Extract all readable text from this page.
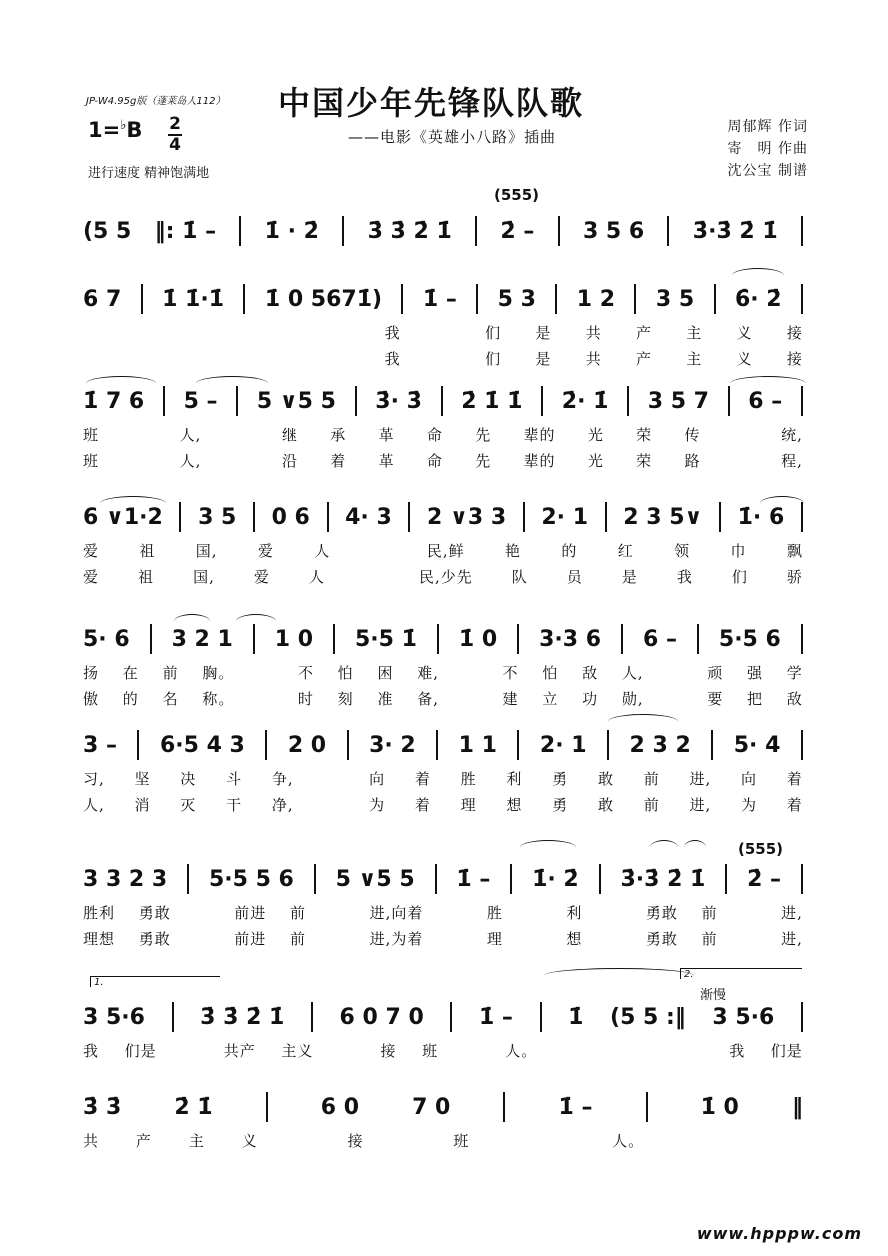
JP-W4.95g版（蓬莱岛人112） 中国少年先锋队队歌
——电影《英雄小八路》插曲
1=♭B 2
4
进行速度 精神饱满地
周郁辉 作词
寄　明 作曲
沈公宝 制谱
(5 5 ‖: 1̇ – 1̇ · 2̇ 3̇ 3̇ 2̇ 1̇ 2̇ – 3 5 6 3̇·3̇ 2̇ 1̇
6 7 1̇ 1̇·1̇ 1̇ 0 5671̇) 1̇ – 5 3 1 2 3 5 6̇· 2̇
我	们 是 共 产 主 义 接
我	们 是 共 产 主 义 接
1̇ 7 6 5 – 5 ∨5 5 3̇· 3̇ 2̇ 1̇ 1̇ 2̇· 1̇ 3 5 7 6 –
班	人,	继 承 革 命 先 辈的 光 荣 传	统,
班	人,	沿 着 革 命 先 辈的 光 荣 路	程,
6 ∨1·2 3 5 0 6 4· 3 2 ∨3 3 2· 1 2 3 5∨ 1̇· 6
爱	祖	国,	爱	人	民,鲜	艳	的	红	领	巾	飘
爱	祖	国,	爱	人	民,少先	队	员	是	我	们	骄
5· 6 3 2 1 1 0 5·5 1̇ 1̇ 0 3·3 6 6 – 5·5 6
扬 在 前 胸。	不 怕 困 难,	不 怕 敌 人,	顽 强 学
傲 的 名 称。	时 刻 准 备,	建 立 功 勋,	要 把 敌
3 – 6·5 4 3 2 0 3· 2 1 1 2· 1 2 3 2 5· 4
习, 坚 决 斗 争,	向 着 胜 利 勇 敢 前 进, 向 着
人, 消 灭 干 净,	为 着 理 想 勇 敢 前 进, 为 着
3 3 2 3 5·5 5 6 5 ∨5 5 1̇ – 1̇· 2̇ 3̇·3̇ 2̇ 1̇ 2̇ –
胜利 勇敢	前进 前	进,向着	胜	利	勇敢 前	进,
理想 勇敢	前进 前	进,为着	理	想	勇敢 前	进,
3 5·6	3̇ 3̇ 2̇ 1̇	6 0 7 0	1̇ –	1̇ (5 5 :‖ 3 5·6
我 们是	共产 主义	接 班	人。	我 们是
3̇ 3̇ 2̇ 1̇	6 0 7 0	1̇ –	1̇ 0 ‖
共 产 主 义	接	班	人。
(555)
(555)
1.
2.
渐慢
www.hpppw.com
